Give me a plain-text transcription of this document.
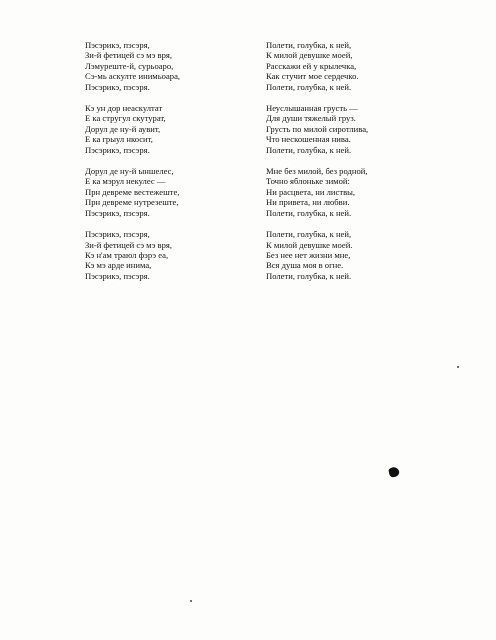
Пэсэрикэ, пэсэря,
Зи-й фетицей сэ мэ вря,
Лэмуреште-й, сурьоаро,
Сэ-мь аскулте инимьоара,
Пэсэрикэ, пэсэря.
Кэ ун дор неаскултат
Е ка стругул скутурат,
Дорул де ну-й аувит,
Е ка грыул нкосит,
Пэсэрикэ, пэсэря.
Дорул де ну-й ыншелес,
Е ка мэрул некулес —
Прн девреме вестежеште,
Прн девреме нутрезеште,
Пэсэрикэ, пэсэря.
Пэсэрикэ, пэсэря,
Зи-й фетицей сэ мэ вря,
Кэ н'ам траюл фэрэ еа,
Кэ мэ арде инима,
Пэсэрикэ, пэсэря.
Полети, голубка, к ней,
К милой девушке моей,
Расскажи ей у крылечка,
Как стучит мое сердечко.
Полети, голубка, к ней.
Неуслышанная грусть —
Для души тяжелый груз.
Грусть по милой сиротлива,
Что нескошенная нива.
Полети, голубка, к ней.
Мне без милой, без родной,
Точно яблоньке зимой:
Ни расцвета, ни листвы,
Ни привета, ни любви.
Полети, голубка, к ней.
Полети, голубка, к ней,
К милой девушке моей.
Без нее нет жизни мне,
Вся душа моя в огне.
Полети, голубка, к ней.
